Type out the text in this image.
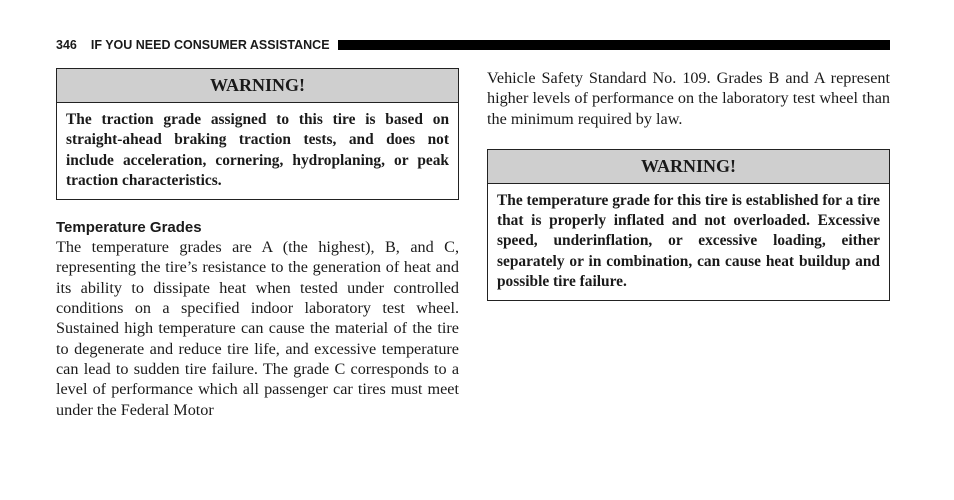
346 IF YOU NEED CONSUMER ASSISTANCE
WARNING!
The traction grade assigned to this tire is based on straight-ahead braking traction tests, and does not include acceleration, cornering, hydroplaning, or peak traction characteristics.
Temperature Grades

The temperature grades are A (the highest), B, and C, representing the tire’s resistance to the generation of heat and its ability to dissipate heat when tested under controlled conditions on a specified indoor laboratory test wheel. Sustained high temperature can cause the material of the tire to degenerate and reduce tire life, and excessive temperature can lead to sudden tire failure. The grade C corresponds to a level of performance which all passenger car tires must meet under the Federal Motor

Vehicle Safety Standard No. 109. Grades B and A represent higher levels of performance on the laboratory test wheel than the minimum required by law.

WARNING!
The temperature grade for this tire is established for a tire that is properly inflated and not overloaded. Excessive speed, underinflation, or excessive loading, either separately or in combination, can cause heat buildup and possible tire failure.
